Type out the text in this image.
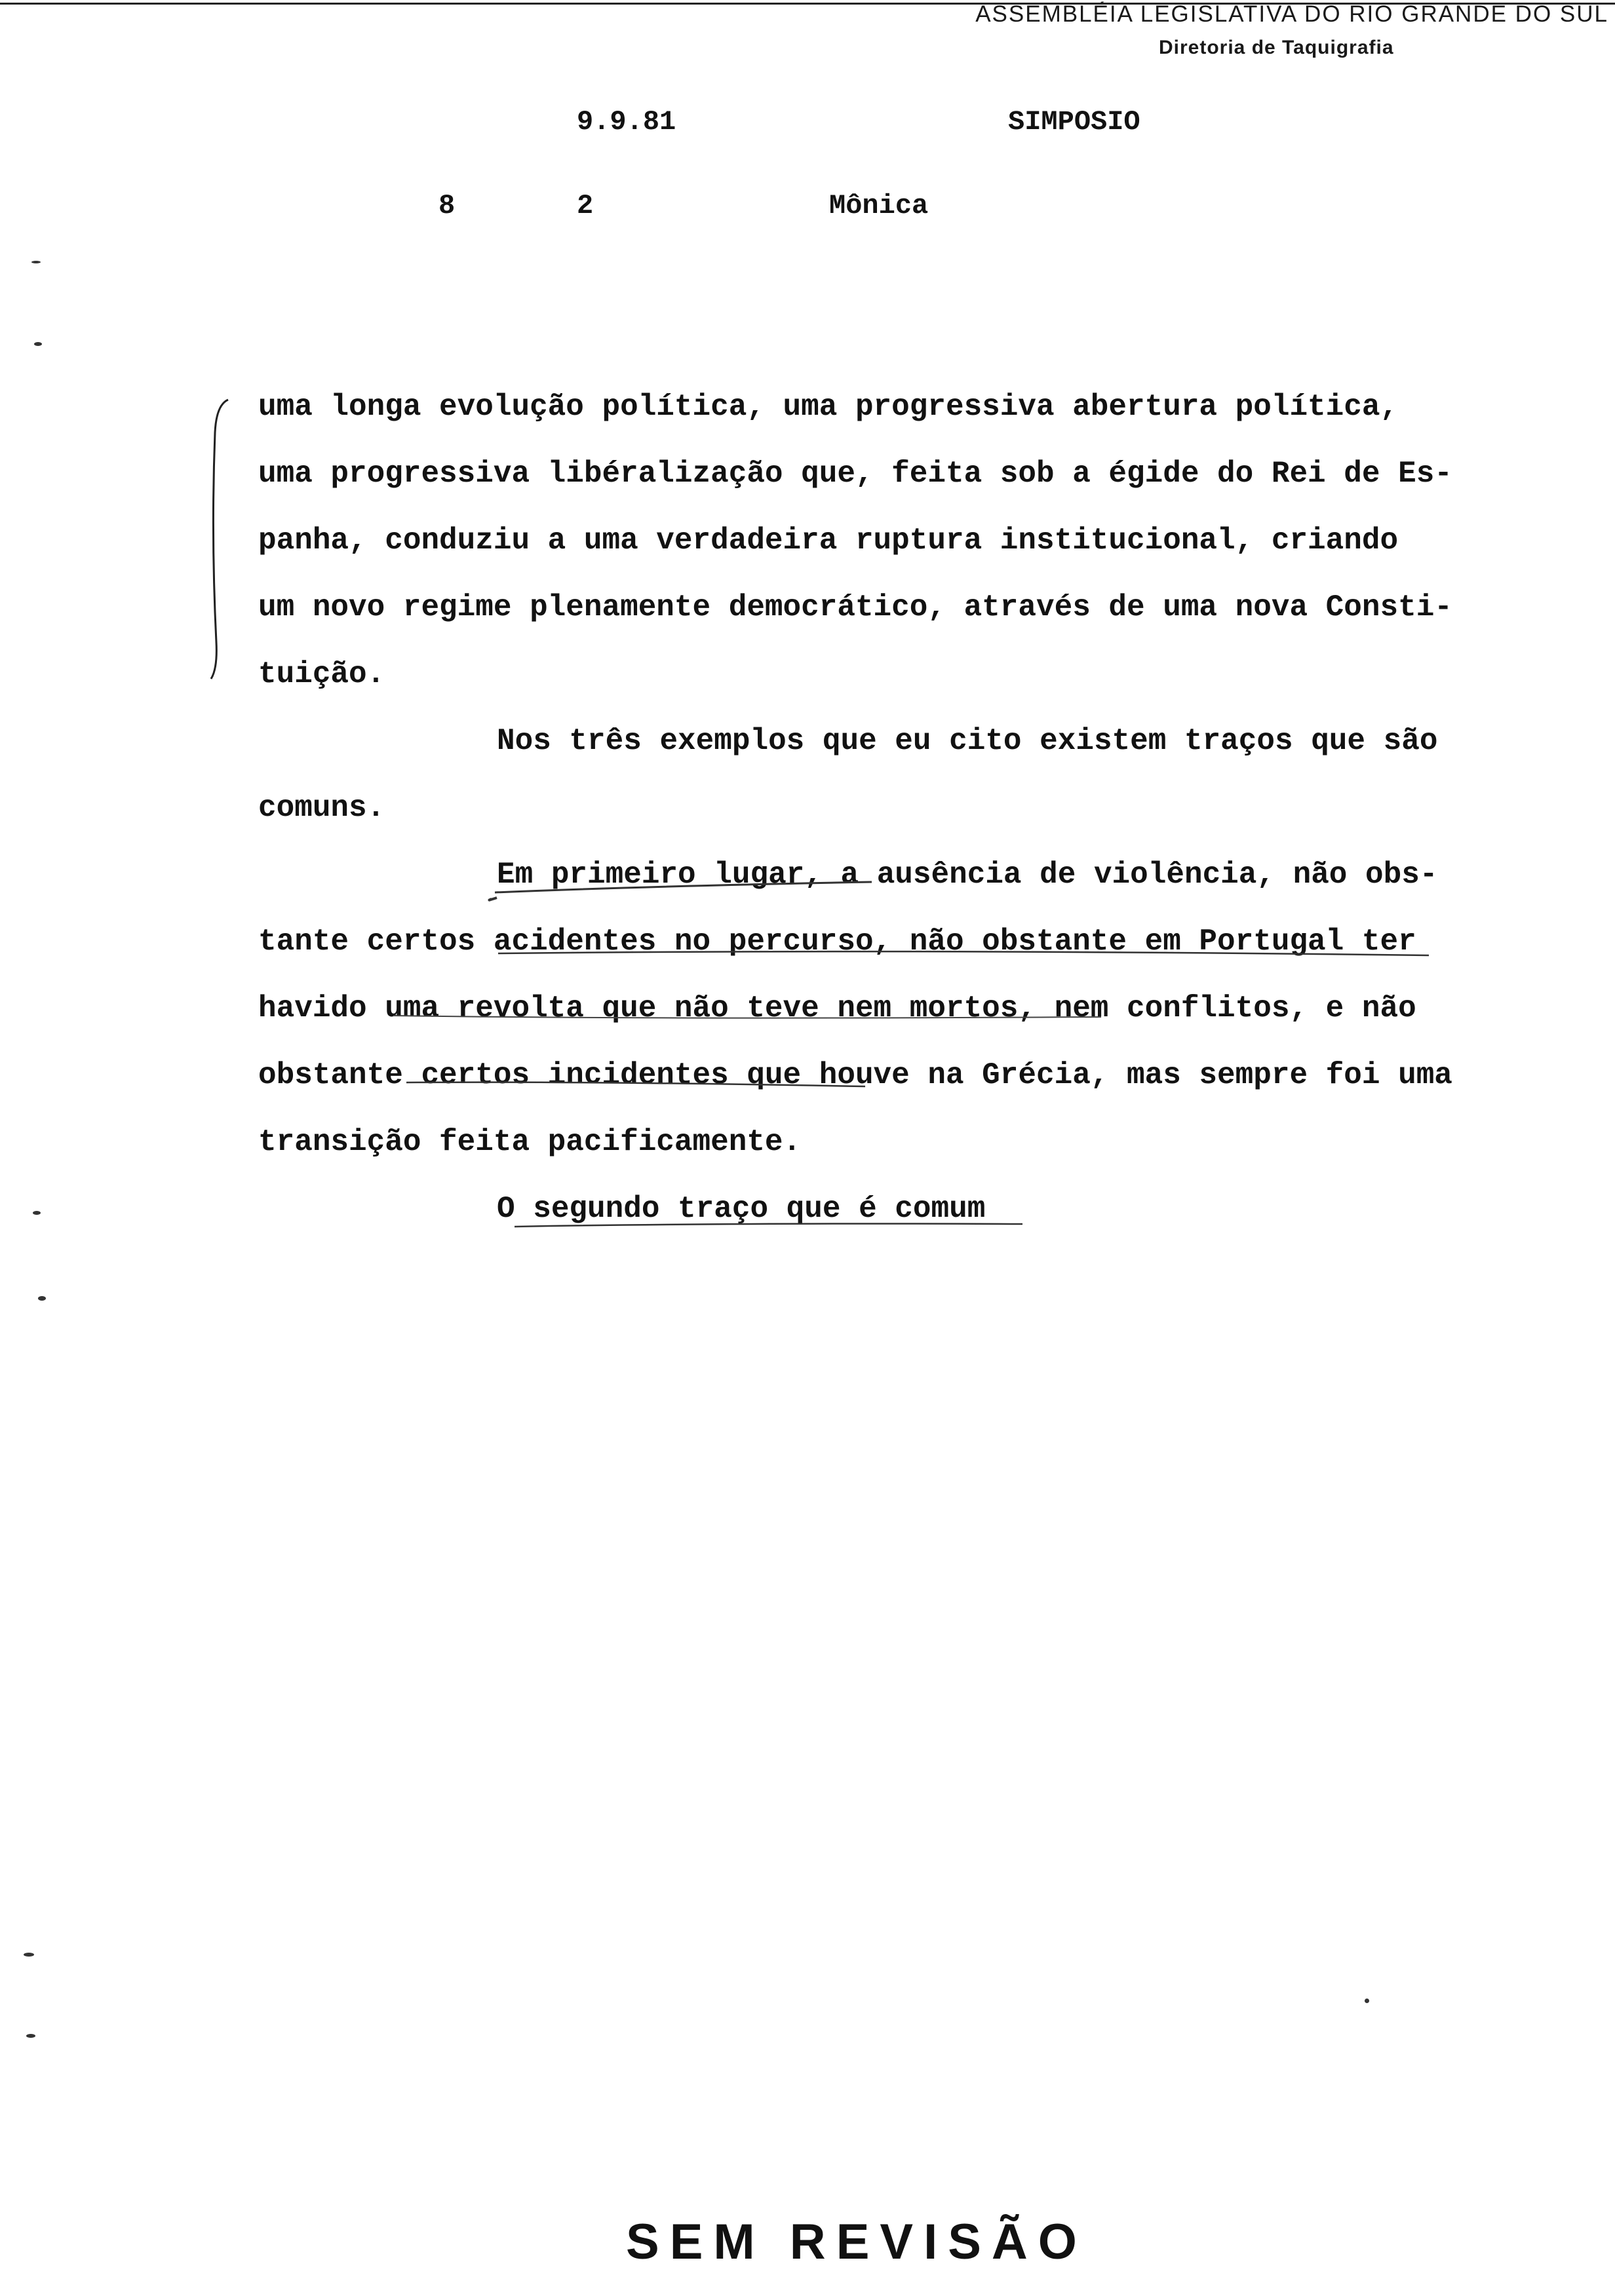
ASSEMBLÉIA LEGISLATIVA DO RIO GRANDE DO SUL
Diretoria de Taquigrafia
9.9.81	SIMPOSIO
8	2	Mônica
uma longa evolução política, uma progressiva abertura política,
uma progressiva libéralização que, feita sob a égide do Rei de Es-
panha, conduziu a uma verdadeira ruptura institucional, criando
um novo regime plenamente democrático, através de uma nova Consti-
tuição.
Nos três exemplos que eu cito existem traços que são
comuns.
Em primeiro lugar, a ausência de violência, não obs-
tante certos acidentes no percurso, não obstante em Portugal ter
havido uma revolta que não teve nem mortos, nem conflitos, e não
obstante certos incidentes que houve na Grécia, mas sempre foi uma
transição feita pacificamente.
O segundo traço que é comum
SEM REVISÃO
